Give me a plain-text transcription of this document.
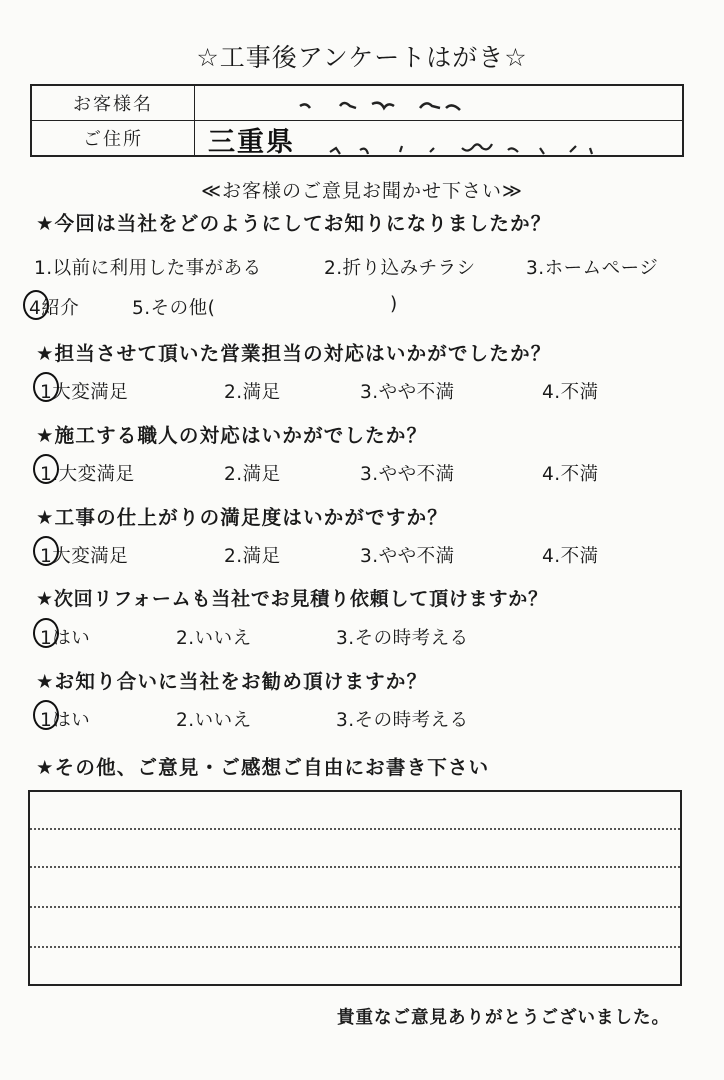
☆工事後アンケートはがき☆
お客様名	
ご住所	三重県
≪お客様のご意見お聞かせ下さい≫
★今回は当社をどのようにしてお知りになりましたか？
1.以前に利用した事がある	2.折り込みチラシ	3.ホームページ
4紹介	5.その他(	)
★担当させて頂いた営業担当の対応はいかがでしたか？
1大変満足	2.満足	3.やや不満	4.不満
★施工する職人の対応はいかがでしたか？
1.大変満足	2.満足	3.やや不満	4.不満
★工事の仕上がりの満足度はいかがですか？
1大変満足	2.満足	3.やや不満	4.不満
★次回リフォームも当社でお見積り依頼して頂けますか？
1はい	2.いいえ	3.その時考える
★お知り合いに当社をお勧め頂けますか？
1はい	2.いいえ	3.その時考える
★その他、ご意見・ご感想ご自由にお書き下さい
貴重なご意見ありがとうございました。
